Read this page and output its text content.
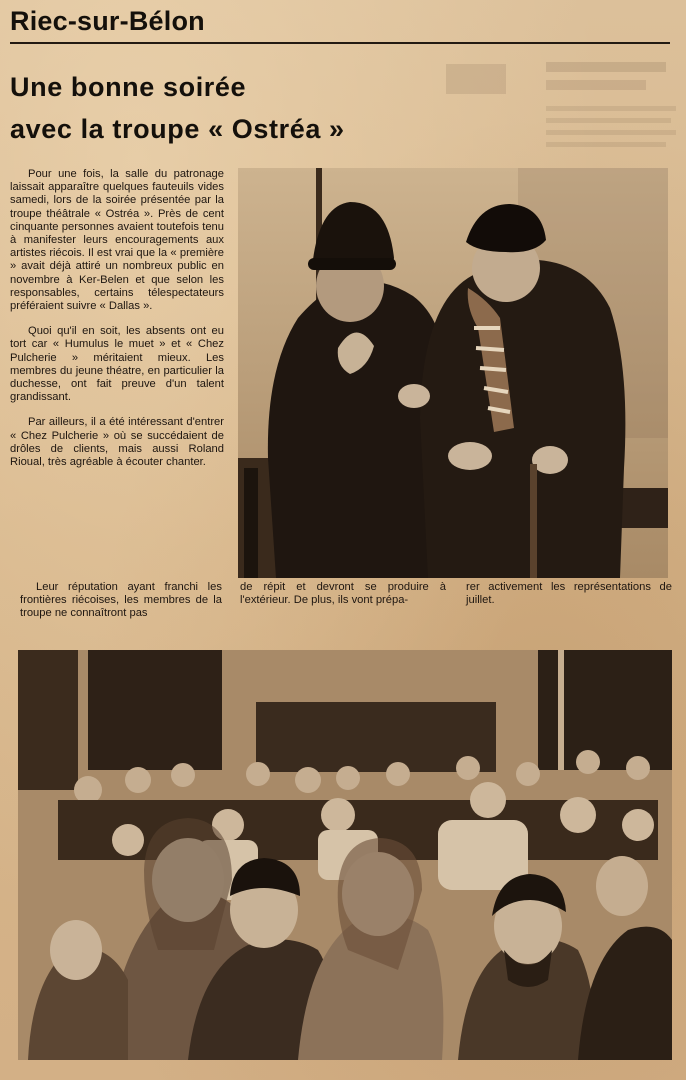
Riec-sur-Bélon
Une bonne soirée
avec la troupe « Ostréa »

Pour une fois, la salle du patronage laissait apparaître quelques fauteuils vides samedi, lors de la soirée présentée par la troupe théâtrale « Ostréa ». Près de cent cinquante personnes avaient toutefois tenu à manifester leurs encouragements aux artistes riécois. Il est vrai que la « première » avait déjà attiré un nombreux public en novembre à Ker-Belen et que selon les responsables, certains télespectateurs préféraient suivre « Dallas ».

Quoi qu'il en soit, les absents ont eu tort car « Humulus le muet » et « Chez Pulcherie » méritaient mieux. Les membres du jeune théatre, en particulier la duchesse, ont fait preuve d'un talent grandissant.

Par ailleurs, il a été intéressant d'entrer « Chez Pulcherie » où se succédaient de drôles de clients, mais aussi Roland Rioual, très agréable à écouter chanter.

Leur réputation ayant franchi les frontières riécoises, les membres de la troupe ne connaîtront pas

de répit et devront se produire à l'extérieur. De plus, ils vont prépa-

rer activement les représentations de juillet.
